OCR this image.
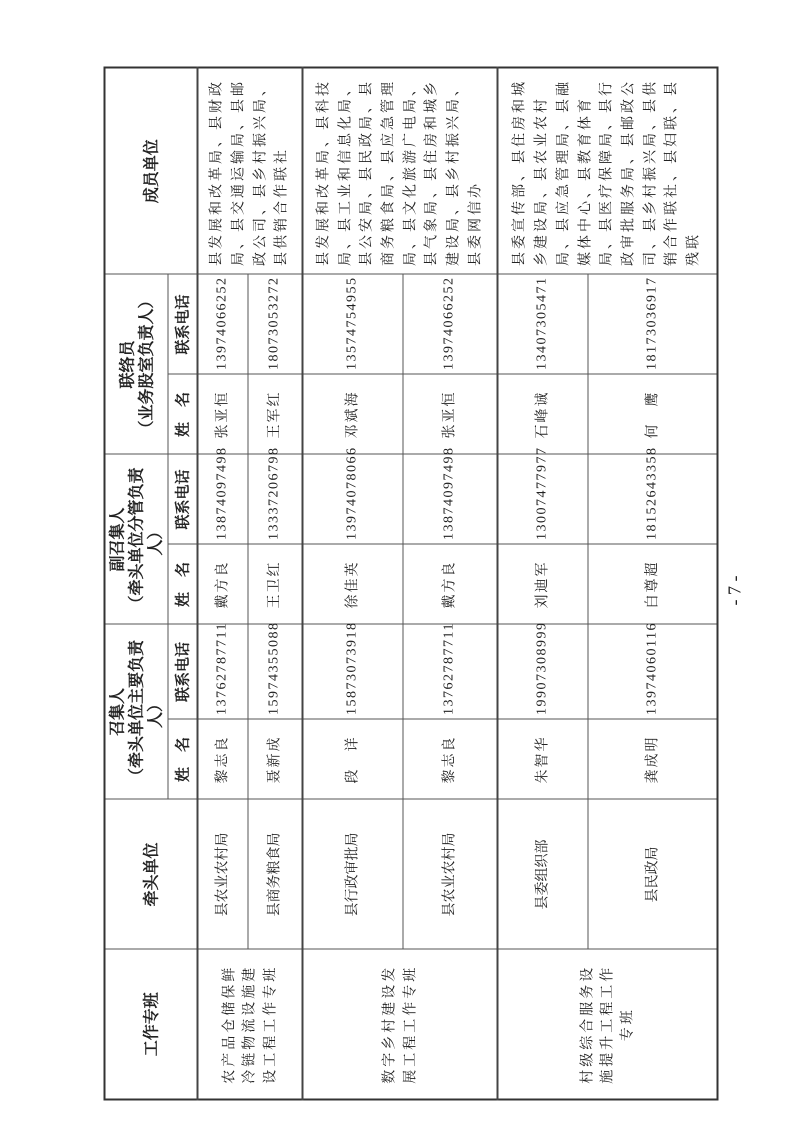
工作专班	牵头单位	召集人
（牵头单位主要负责人）		副召集人
（牵头单位分管负责人）		联络员
（业务股室负责人）		成员单位
		姓　名	联系电话	姓　名	联系电话	姓　名	联系电话	
农产品仓储保鲜冷链物流设施建设工程工作专班	县农业农村局	黎志良	13762787711	戴方良	13874097498	张亚恒	13974066252	县发展和改革局、县财政局、县交通运输局、县邮政公司、县乡村振兴局、县供销合作联社
	县商务粮食局	聂新成	15974355088	王卫红	13337206798	王军红	18073053272	
数字乡村建设发展工程工作专班	县行政审批局	段　详	15873073918	徐佳英	13974078066	邓斌海	13574754955	县发展和改革局、县科技局、县工业和信息化局、县公安局、县民政局、县商务粮食局、县应急管理局、县文化旅游广电局、县气象局、县住房和城乡建设局、县乡村振兴局、县委网信办
	县农业农村局	黎志良	13762787711	戴方良	13874097498	张亚恒	13974066252	
村级综合服务设施提升工程工作专班	县委组织部	朱智华	19907308999	刘迪军	13007477977	石峰诚	13407305471	县委宣传部、县住房和城乡建设局、县农业农村局、县应急管理局、县融媒体中心、县教育体育局、县医疗保障局、县行政审批服务局、县邮政公司、县乡村振兴局、县供销合作联社、县妇联、县残联
	县民政局	龚成明	13974060116	白尊超	18152643358	何　鹰	18173036917	
- 7 -
